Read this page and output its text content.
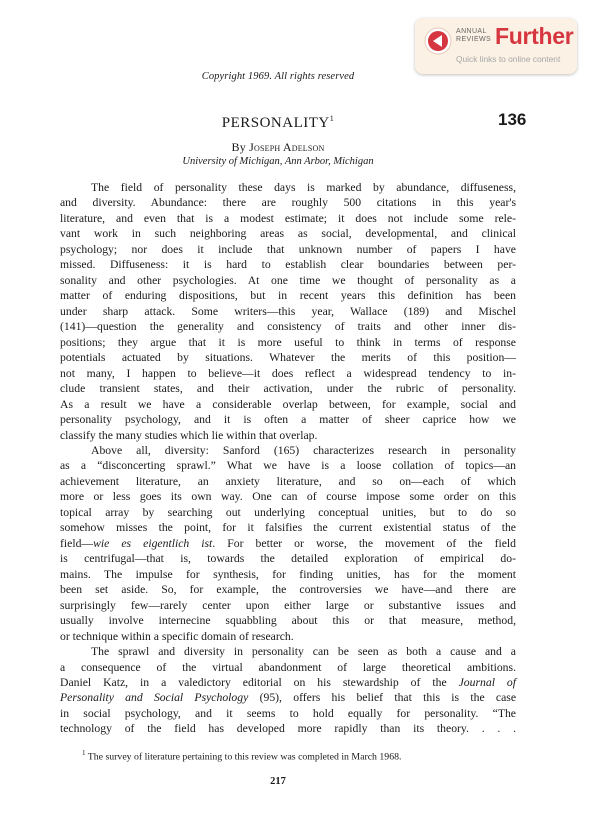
ANNUAL
REVIEWS Further
Quick links to online content
Copyright 1969. All rights reserved
PERSONALITY$^1$	136
By Joseph Adelson
University of Michigan, Ann Arbor, Michigan
The field of personality these days is marked by abundance, diffuseness,
and diversity. Abundance: there are roughly 500 citations in this year's
literature, and even that is a modest estimate; it does not include some rele-
vant work in such neighboring areas as social, developmental, and clinical
psychology; nor does it include that unknown number of papers I have
missed. Diffuseness: it is hard to establish clear boundaries between per-
sonality and other psychologies. At one time we thought of personality as a
matter of enduring dispositions, but in recent years this definition has been
under sharp attack. Some writers—this year, Wallace (189) and Mischel
(141)—question the generality and consistency of traits and other inner dis-
positions; they argue that it is more useful to think in terms of response
potentials actuated by situations. Whatever the merits of this position—
not many, I happen to believe—it does reflect a widespread tendency to in-
clude transient states, and their activation, under the rubric of personality.
As a result we have a considerable overlap between, for example, social and
personality psychology, and it is often a matter of sheer caprice how we
classify the many studies which lie within that overlap.
Above all, diversity: Sanford (165) characterizes research in personality
as a “disconcerting sprawl.” What we have is a loose collation of topics—an
achievement literature, an anxiety literature, and so on—each of which
more or less goes its own way. One can of course impose some order on this
topical array by searching out underlying conceptual unities, but to do so
somehow misses the point, for it falsifies the current existential status of the
field—wie es eigentlich ist. For better or worse, the movement of the field
is centrifugal—that is, towards the detailed exploration of empirical do-
mains. The impulse for synthesis, for finding unities, has for the moment
been set aside. So, for example, the controversies we have—and there are
surprisingly few—rarely center upon either large or substantive issues and
usually involve internecine squabbling about this or that measure, method,
or technique within a specific domain of research.
The sprawl and diversity in personality can be seen as both a cause and a
a consequence of the virtual abandonment of large theoretical ambitions.
Daniel Katz, in a valedictory editorial on his stewardship of the Journal of
Personality and Social Psychology (95), offers his belief that this is the case
in social psychology, and it seems to hold equally for personality. “The
technology of the field has developed more rapidly than its theory. . . .
$^1$ The survey of literature pertaining to this review was completed in March 1968.
217
